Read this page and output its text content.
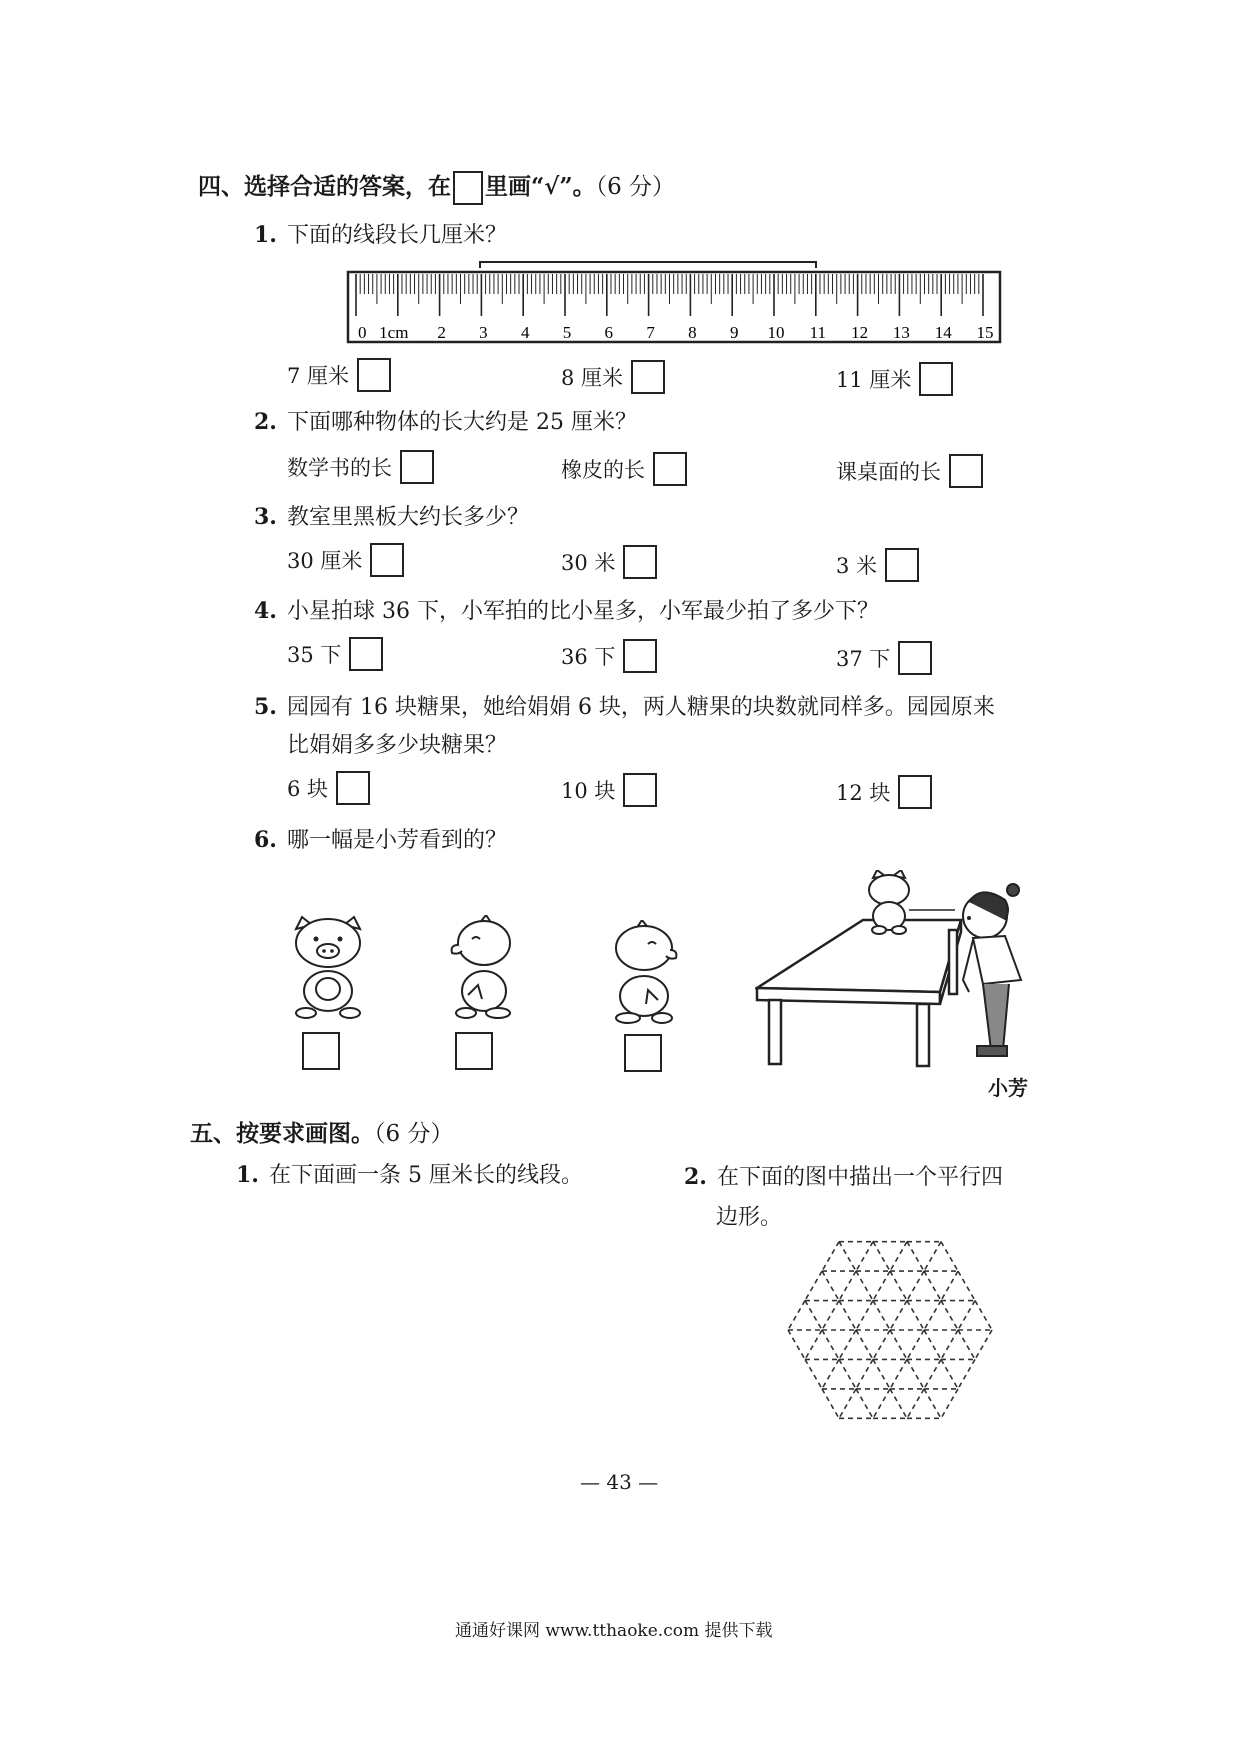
四、选择合适的答案，在 里画“√”。（6 分）
1. 下面的线段长几厘米？
0 1cm 2 3 4 5 6 7 8 9 10 11 12 13 14 15
7 厘米	8 厘米	11 厘米
2. 下面哪种物体的长大约是 25 厘米？
数学书的长	橡皮的长	课桌面的长
3. 教室里黑板大约长多少？
30 厘米	30 米	3 米
4. 小星拍球 36 下，小军拍的比小星多，小军最少拍了多少下？
35 下	36 下	37 下
5. 园园有 16 块糖果，她给娟娟 6 块，两人糖果的块数就同样多。园园原来
比娟娟多多少块糖果？
6 块	10 块	12 块
6. 哪一幅是小芳看到的？
小芳
五、按要求画图。（6 分）
1. 在下面画一条 5 厘米长的线段。	2. 在下面的图中描出一个平行四
边形。
— 43 —
通通好课网 www.tthaoke.com 提供下载
